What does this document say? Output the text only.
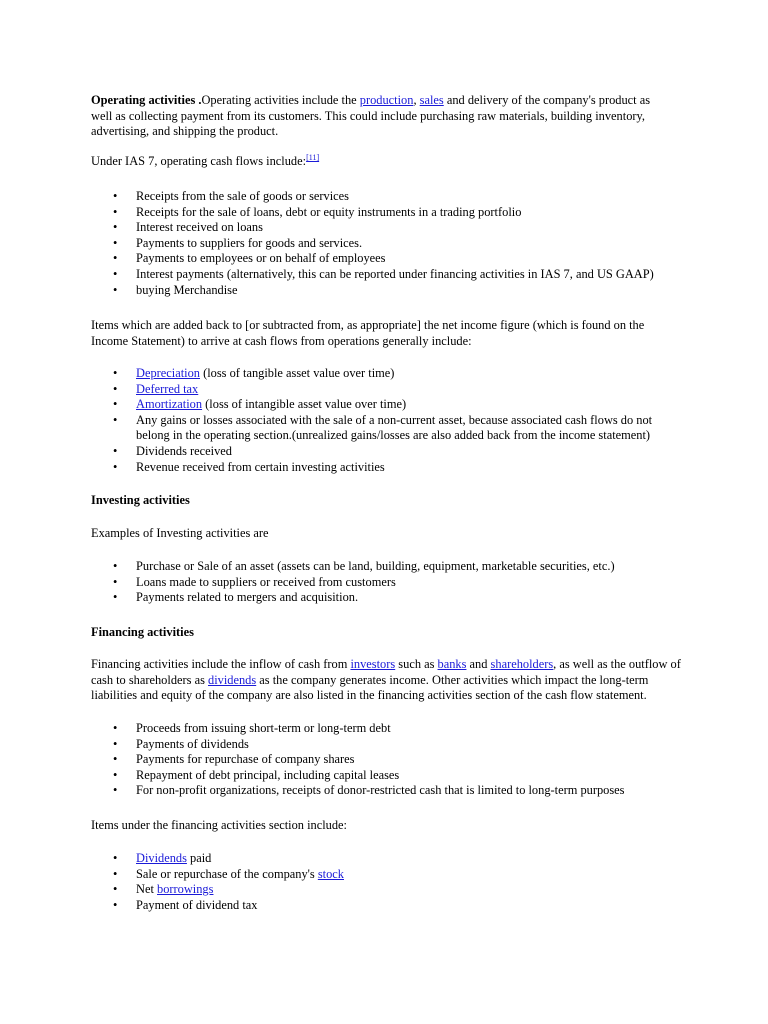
Operating activities .Operating activities include the production, sales and delivery of the company's product as well as collecting payment from its customers. This could include purchasing raw materials, building inventory, advertising, and shipping the product.

Under IAS 7, operating cash flows include:[11]

• Receipts from the sale of goods or services
• Receipts for the sale of loans, debt or equity instruments in a trading portfolio
• Interest received on loans
• Payments to suppliers for goods and services.
• Payments to employees or on behalf of employees
• Interest payments (alternatively, this can be reported under financing activities in IAS 7, and US GAAP)
• buying Merchandise

Items which are added back to [or subtracted from, as appropriate] the net income figure (which is found on the Income Statement) to arrive at cash flows from operations generally include:

• Depreciation (loss of tangible asset value over time)
• Deferred tax
• Amortization (loss of intangible asset value over time)
• Any gains or losses associated with the sale of a non-current asset, because associated cash flows do not belong in the operating section.(unrealized gains/losses are also added back from the income statement)
• Dividends received
• Revenue received from certain investing activities

Investing activities

Examples of Investing activities are

• Purchase or Sale of an asset (assets can be land, building, equipment, marketable securities, etc.)
• Loans made to suppliers or received from customers
• Payments related to mergers and acquisition.

Financing activities

Financing activities include the inflow of cash from investors such as banks and shareholders, as well as the outflow of cash to shareholders as dividends as the company generates income. Other activities which impact the long-term liabilities and equity of the company are also listed in the financing activities section of the cash flow statement.

• Proceeds from issuing short-term or long-term debt
• Payments of dividends
• Payments for repurchase of company shares
• Repayment of debt principal, including capital leases
• For non-profit organizations, receipts of donor-restricted cash that is limited to long-term purposes

Items under the financing activities section include:

• Dividends paid
• Sale or repurchase of the company's stock
• Net borrowings
• Payment of dividend tax
